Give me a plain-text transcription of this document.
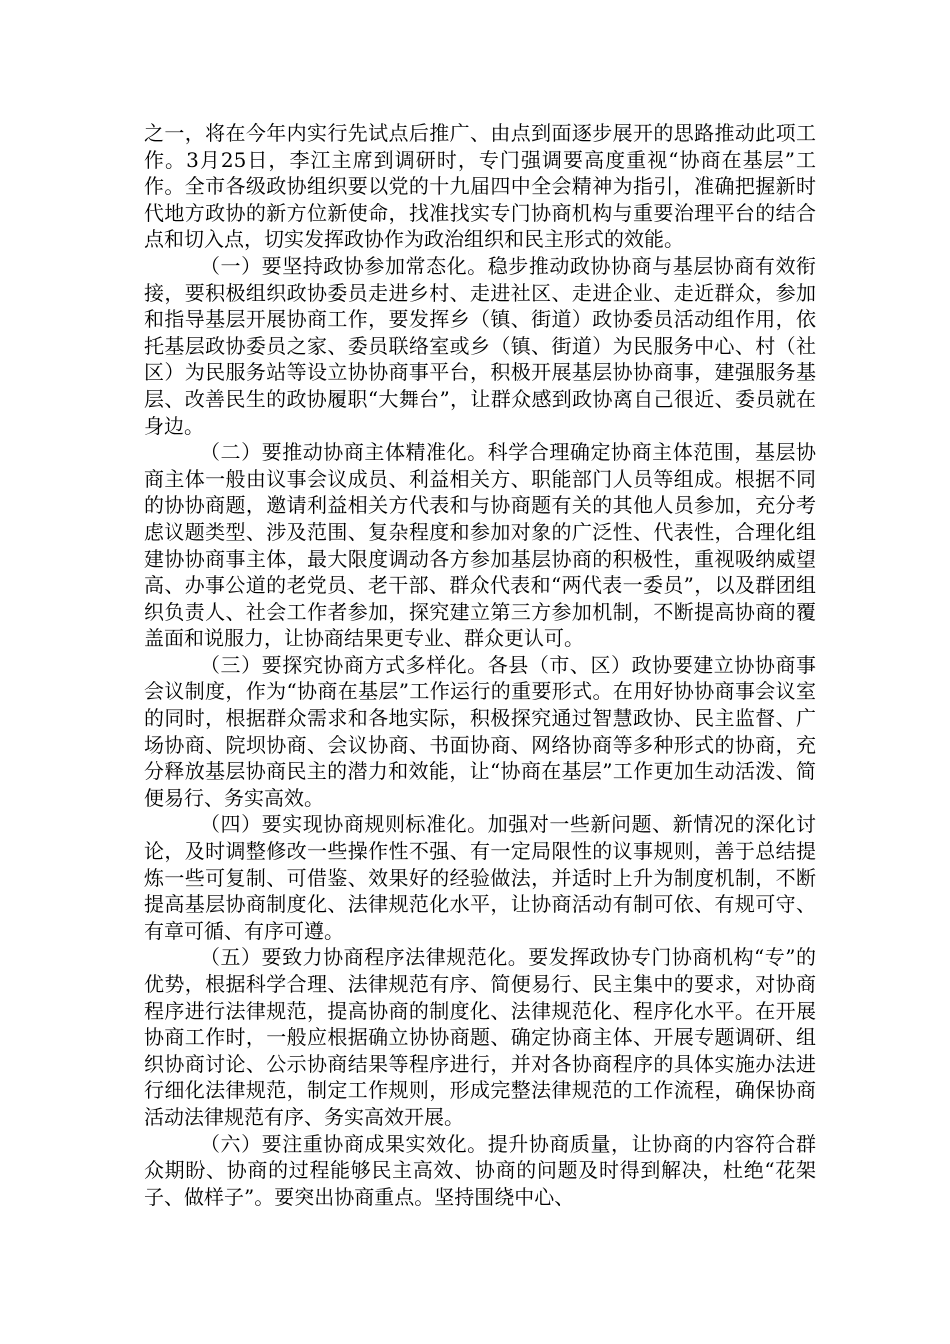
之一，将在今年内实行先试点后推广、由点到面逐步展开的思路推动此项工作。3月25日，李江主席到调研时，专门强调要高度重视“协商在基层”工作。全市各级政协组织要以党的十九届四中全会精神为指引，准确把握新时代地方政协的新方位新使命，找准找实专门协商机构与重要治理平台的结合点和切入点，切实发挥政协作为政治组织和民主形式的效能。

（一）要坚持政协参加常态化。稳步推动政协协商与基层协商有效衔接，要积极组织政协委员走进乡村、走进社区、走进企业、走近群众，参加和指导基层开展协商工作，要发挥乡（镇、街道）政协委员活动组作用，依托基层政协委员之家、委员联络室或乡（镇、街道）为民服务中心、村（社区）为民服务站等设立协协商事平台，积极开展基层协协商事，建强服务基层、改善民生的政协履职“大舞台”，让群众感到政协离自己很近、委员就在身边。

（二）要推动协商主体精准化。科学合理确定协商主体范围，基层协商主体一般由议事会议成员、利益相关方、职能部门人员等组成。根据不同的协协商题，邀请利益相关方代表和与协商题有关的其他人员参加，充分考虑议题类型、涉及范围、复杂程度和参加对象的广泛性、代表性，合理化组建协协商事主体，最大限度调动各方参加基层协商的积极性，重视吸纳威望高、办事公道的老党员、老干部、群众代表和“两代表一委员”，以及群团组织负责人、社会工作者参加，探究建立第三方参加机制，不断提高协商的覆盖面和说服力，让协商结果更专业、群众更认可。

（三）要探究协商方式多样化。各县（市、区）政协要建立协协商事会议制度，作为“协商在基层”工作运行的重要形式。在用好协协商事会议室的同时，根据群众需求和各地实际，积极探究通过智慧政协、民主监督、广场协商、院坝协商、会议协商、书面协商、网络协商等多种形式的协商，充分释放基层协商民主的潜力和效能，让“协商在基层”工作更加生动活泼、简便易行、务实高效。

（四）要实现协商规则标准化。加强对一些新问题、新情况的深化讨论，及时调整修改一些操作性不强、有一定局限性的议事规则，善于总结提炼一些可复制、可借鉴、效果好的经验做法，并适时上升为制度机制，不断提高基层协商制度化、法律规范化水平，让协商活动有制可依、有规可守、有章可循、有序可遵。

（五）要致力协商程序法律规范化。要发挥政协专门协商机构“专”的优势，根据科学合理、法律规范有序、简便易行、民主集中的要求，对协商程序进行法律规范，提高协商的制度化、法律规范化、程序化水平。在开展协商工作时，一般应根据确立协协商题、确定协商主体、开展专题调研、组织协商讨论、公示协商结果等程序进行，并对各协商程序的具体实施办法进行细化法律规范，制定工作规则，形成完整法律规范的工作流程，确保协商活动法律规范有序、务实高效开展。

（六）要注重协商成果实效化。提升协商质量，让协商的内容符合群众期盼、协商的过程能够民主高效、协商的问题及时得到解决，杜绝“花架子、做样子”。要突出协商重点。坚持围绕中心、
